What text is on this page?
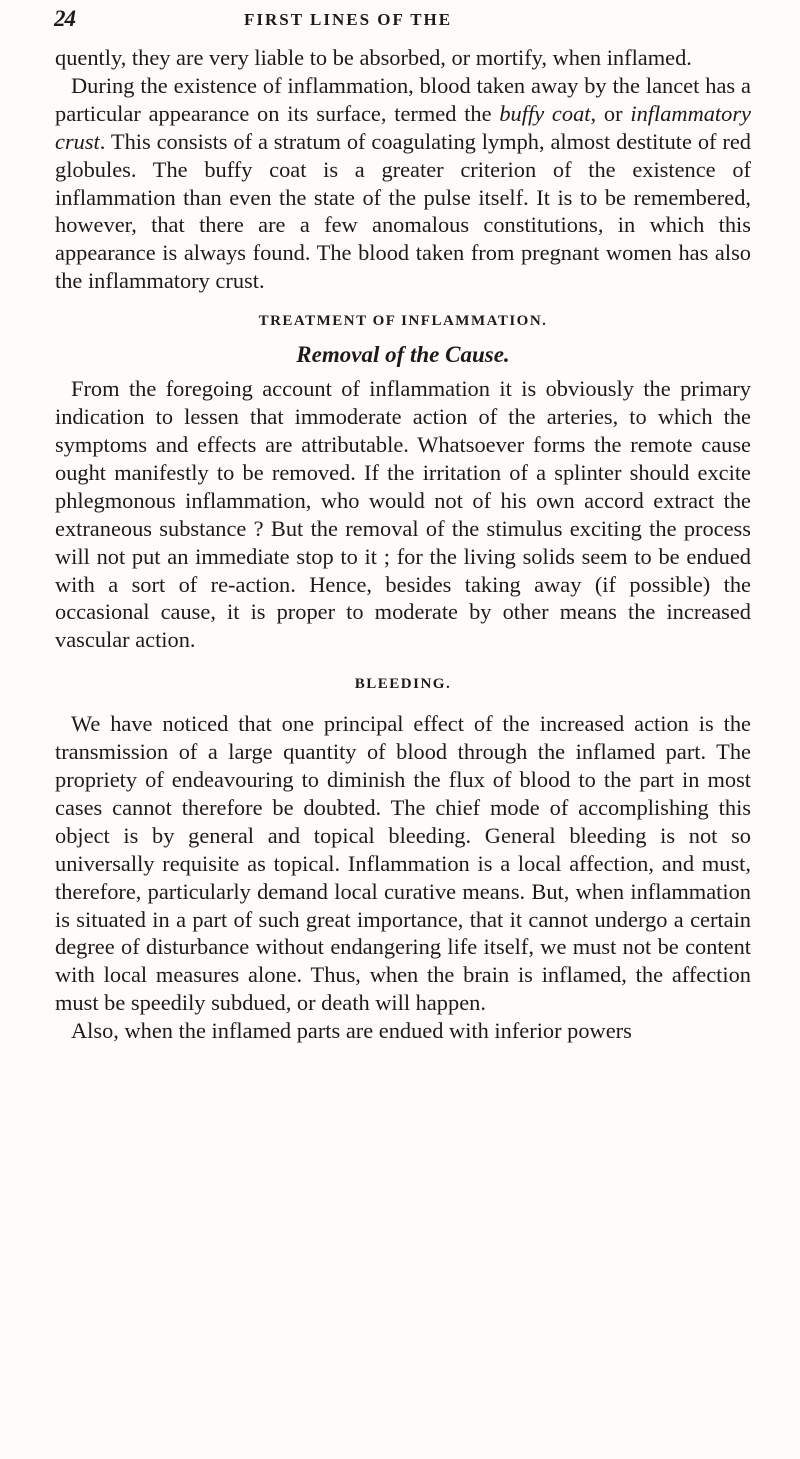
24	FIRST LINES OF THE

quently, they are very liable to be absorbed, or mortify, when inflamed.

During the existence of inflammation, blood taken away by the lancet has a particular appearance on its surface, termed the buffy coat, or inflammatory crust. This consists of a stratum of coagulating lymph, almost destitute of red globules. The buffy coat is a greater criterion of the existence of inflammation than even the state of the pulse itself. It is to be remembered, however, that there are a few anomalous constitutions, in which this appearance is always found. The blood taken from pregnant women has also the inflammatory crust.

TREATMENT OF INFLAMMATION.
Removal of the Cause.

From the foregoing account of inflammation it is obviously the primary indication to lessen that immoderate action of the arteries, to which the symptoms and effects are attributable. Whatsoever forms the remote cause ought manifestly to be removed. If the irritation of a splinter should excite phlegmonous inflammation, who would not of his own accord extract the extraneous substance ? But the removal of the stimulus exciting the process will not put an immediate stop to it ; for the living solids seem to be endued with a sort of re-action. Hence, besides taking away (if possible) the occasional cause, it is proper to moderate by other means the increased vascular action.

BLEEDING.

We have noticed that one principal effect of the increased action is the transmission of a large quantity of blood through the inflamed part. The propriety of endeavouring to diminish the flux of blood to the part in most cases cannot therefore be doubted. The chief mode of accomplishing this object is by general and topical bleeding. General bleeding is not so universally requisite as topical. Inflammation is a local affection, and must, therefore, particularly demand local curative means. But, when inflammation is situated in a part of such great importance, that it cannot undergo a certain degree of disturbance without endangering life itself, we must not be content with local measures alone. Thus, when the brain is inflamed, the affection must be speedily subdued, or death will happen.

Also, when the inflamed parts are endued with inferior powers
